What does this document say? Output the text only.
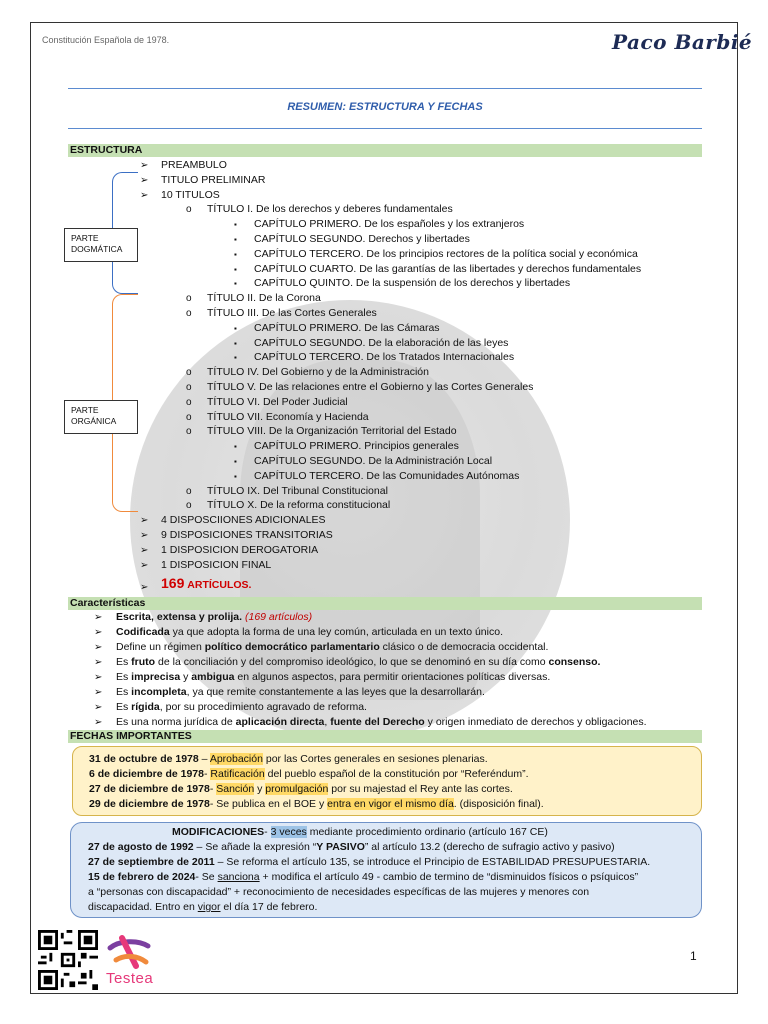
Constitución Española de 1978.	Paco Barbié
RESUMEN: ESTRUCTURA Y FECHAS
ESTRUCTURA
PARTE
DOGMÁTICA
PARTE
ORGÁNICA
➢ PREAMBULO
➢ TITULO PRELIMINAR
➢ 10 TITULOS
o TÍTULO I. De los derechos y deberes fundamentales
▪ CAPÍTULO PRIMERO. De los españoles y los extranjeros
▪ CAPÍTULO SEGUNDO. Derechos y libertades
▪ CAPÍTULO TERCERO. De los principios rectores de la política social y económica
▪ CAPÍTULO CUARTO. De las garantías de las libertades y derechos fundamentales
▪ CAPÍTULO QUINTO. De la suspensión de los derechos y libertades
o TÍTULO II. De la Corona
o TÍTULO III. De las Cortes Generales
▪ CAPÍTULO PRIMERO. De las Cámaras
▪ CAPÍTULO SEGUNDO. De la elaboración de las leyes
▪ CAPÍTULO TERCERO. De los Tratados Internacionales
o TÍTULO IV. Del Gobierno y de la Administración
o TÍTULO V. De las relaciones entre el Gobierno y las Cortes Generales
o TÍTULO VI. Del Poder Judicial
o TÍTULO VII. Economía y Hacienda
o TÍTULO VIII. De la Organización Territorial del Estado
▪ CAPÍTULO PRIMERO. Principios generales
▪ CAPÍTULO SEGUNDO. De la Administración Local
▪ CAPÍTULO TERCERO. De las Comunidades Autónomas
o TÍTULO IX. Del Tribunal Constitucional
o TÍTULO X. De la reforma constitucional
➢ 4 DISPOSCIIONES ADICIONALES
➢ 9 DISPOSICIONES TRANSITORIAS
➢ 1 DISPOSICION DEROGATORIA
➢ 1 DISPOSICION FINAL
➢ 169 ARTÍCULOS.
Características
➢ Escrita, extensa y prolija. (169 artículos)
➢ Codificada ya que adopta la forma de una ley común, articulada en un texto único.
➢ Define un régimen político democrático parlamentario clásico o de democracia occidental.
➢ Es fruto de la conciliación y del compromiso ideológico, lo que se denominó en su día como consenso.
➢ Es imprecisa y ambigua en algunos aspectos, para permitir orientaciones políticas diversas.
➢ Es incompleta, ya que remite constantemente a las leyes que la desarrollarán.
➢ Es rígida, por su procedimiento agravado de reforma.
➢ Es una norma jurídica de aplicación directa, fuente del Derecho y origen inmediato de derechos y obligaciones.
FECHAS IMPORTANTES
31 de octubre de 1978 – Aprobación por las Cortes generales en sesiones plenarias.
6 de diciembre de 1978- Ratificación del pueblo español de la constitución por “Referéndum”.
27 de diciembre de 1978- Sanción y promulgación por su majestad el Rey ante las cortes.
29 de diciembre de 1978- Se publica en el BOE y entra en vigor el mismo día. (disposición final).
MODIFICACIONES- 3 veces mediante procedimiento ordinario (artículo 167 CE)
27 de agosto de 1992 – Se añade la expresión “Y PASIVO” al artículo 13.2 (derecho de sufragio activo y pasivo)
27 de septiembre de 2011 – Se reforma el artículo 135, se introduce el Principio de ESTABILIDAD PRESUPUESTARIA.
15 de febrero de 2024- Se sanciona + modifica el artículo 49 - cambio de termino de “disminuidos físicos o psíquicos”
a “personas con discapacidad” + reconocimiento de necesidades específicas de las mujeres y menores con
discapacidad. Entro en vigor el día 17 de febrero.
Testea
1
